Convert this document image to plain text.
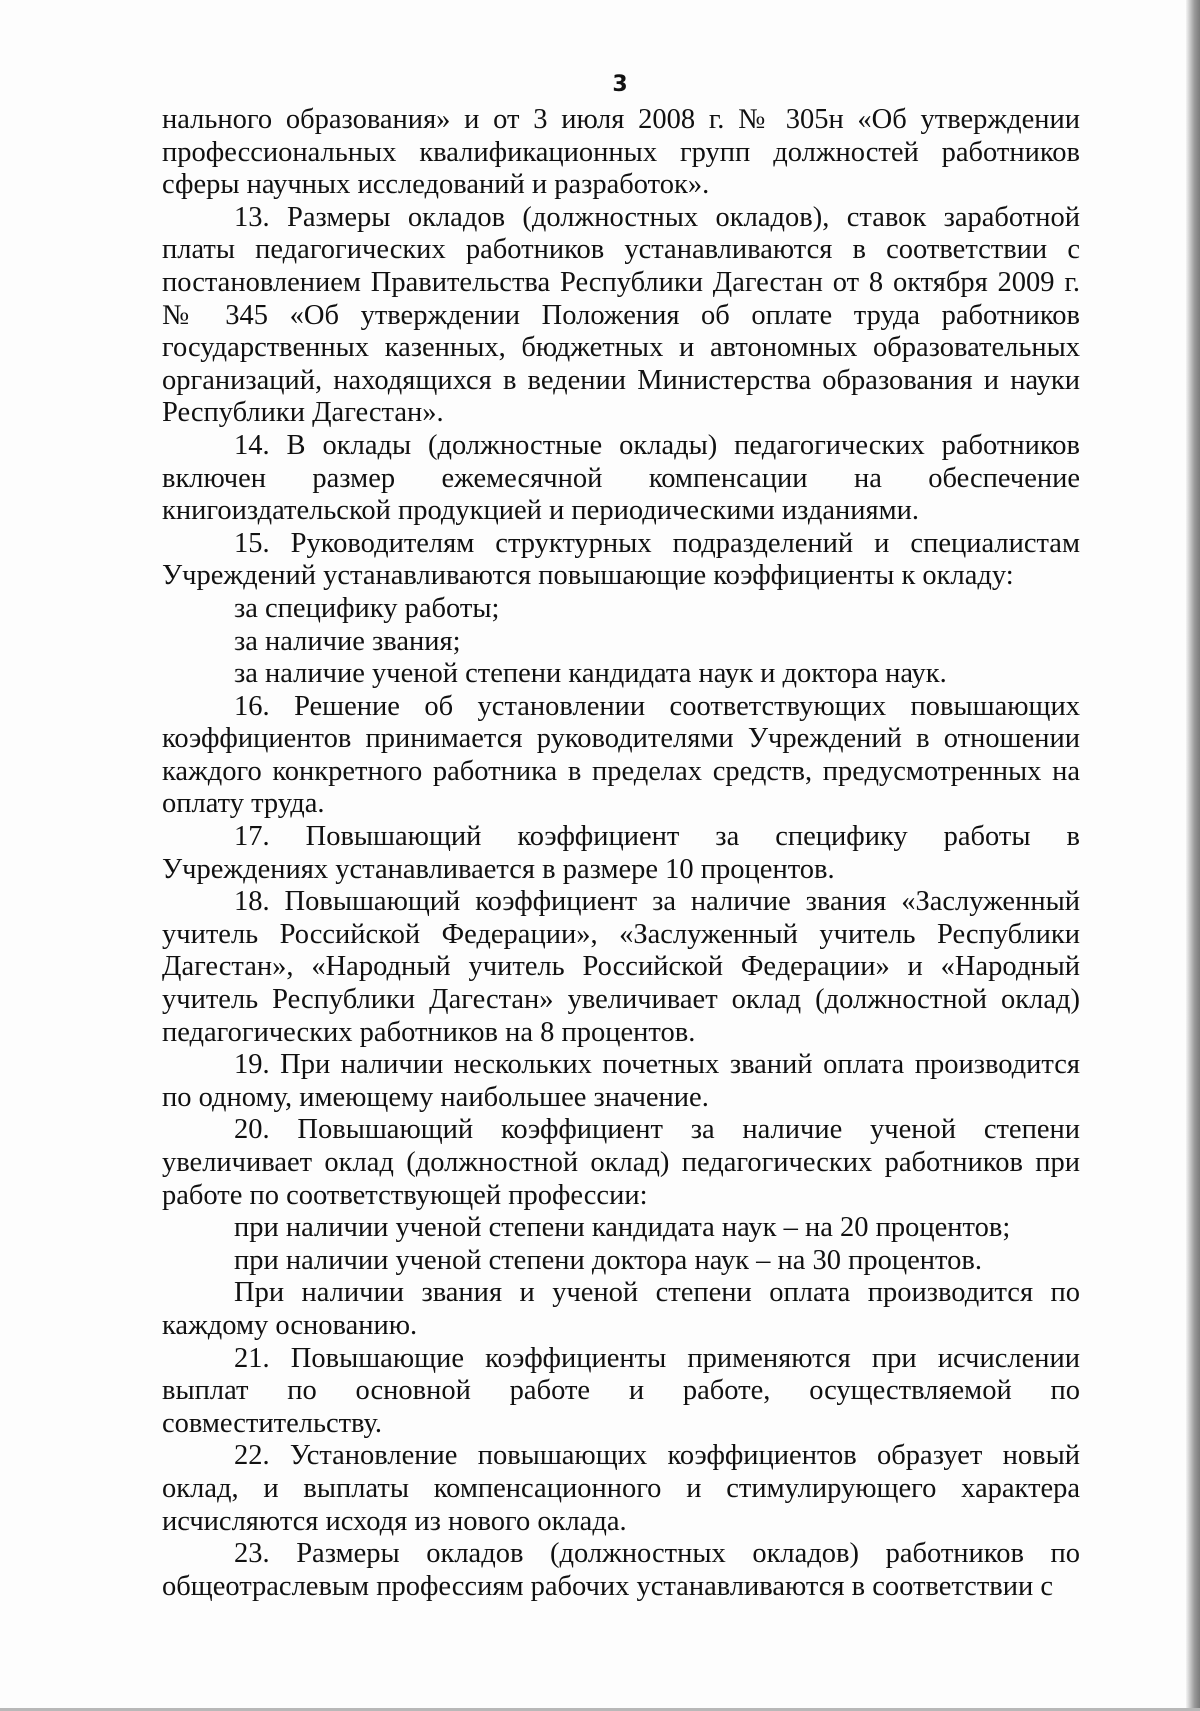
3

нального образования» и от 3 июля 2008 г. № 305н «Об утверждении профессиональных квалификационных групп должностей работников сферы научных исследований и разработок».

13. Размеры окладов (должностных окладов), ставок заработной платы педагогических работников устанавливаются в соответствии с постановлением Правительства Республики Дагестан от 8 октября 2009 г. № 345 «Об утверждении Положения об оплате труда работников государственных казенных, бюджетных и автономных образовательных организаций, находящихся в ведении Министерства образования и науки Республики Дагестан».

14. В оклады (должностные оклады) педагогических работников включен размер ежемесячной компенсации на обеспечение книгоиздательской продукцией и периодическими изданиями.

15. Руководителям структурных подразделений и специалистам Учреждений устанавливаются повышающие коэффициенты к окладу:

за специфику работы;

за наличие звания;

за наличие ученой степени кандидата наук и доктора наук.

16. Решение об установлении соответствующих повышающих коэффициентов принимается руководителями Учреждений в отношении каждого конкретного работника в пределах средств, предусмотренных на оплату труда.

17. Повышающий коэффициент за специфику работы в Учреждениях устанавливается в размере 10 процентов.

18. Повышающий коэффициент за наличие звания «Заслуженный учитель Российской Федерации», «Заслуженный учитель Республики Дагестан», «Народный учитель Российской Федерации» и «Народный учитель Республики Дагестан» увеличивает оклад (должностной оклад) педагогических работников на 8 процентов.

19. При наличии нескольких почетных званий оплата производится по одному, имеющему наибольшее значение.

20. Повышающий коэффициент за наличие ученой степени увеличивает оклад (должностной оклад) педагогических работников при работе по соответствующей профессии:

при наличии ученой степени кандидата наук – на 20 процентов;

при наличии ученой степени доктора наук – на 30 процентов.

При наличии звания и ученой степени оплата производится по каждому основанию.

21. Повышающие коэффициенты применяются при исчислении выплат по основной работе и работе, осуществляемой по совместительству.

22. Установление повышающих коэффициентов образует новый оклад, и выплаты компенсационного и стимулирующего характера исчисляются исходя из нового оклада.

23. Размеры окладов (должностных окладов) работников по общеотраслевым профессиям рабочих устанавливаются в соответствии с
